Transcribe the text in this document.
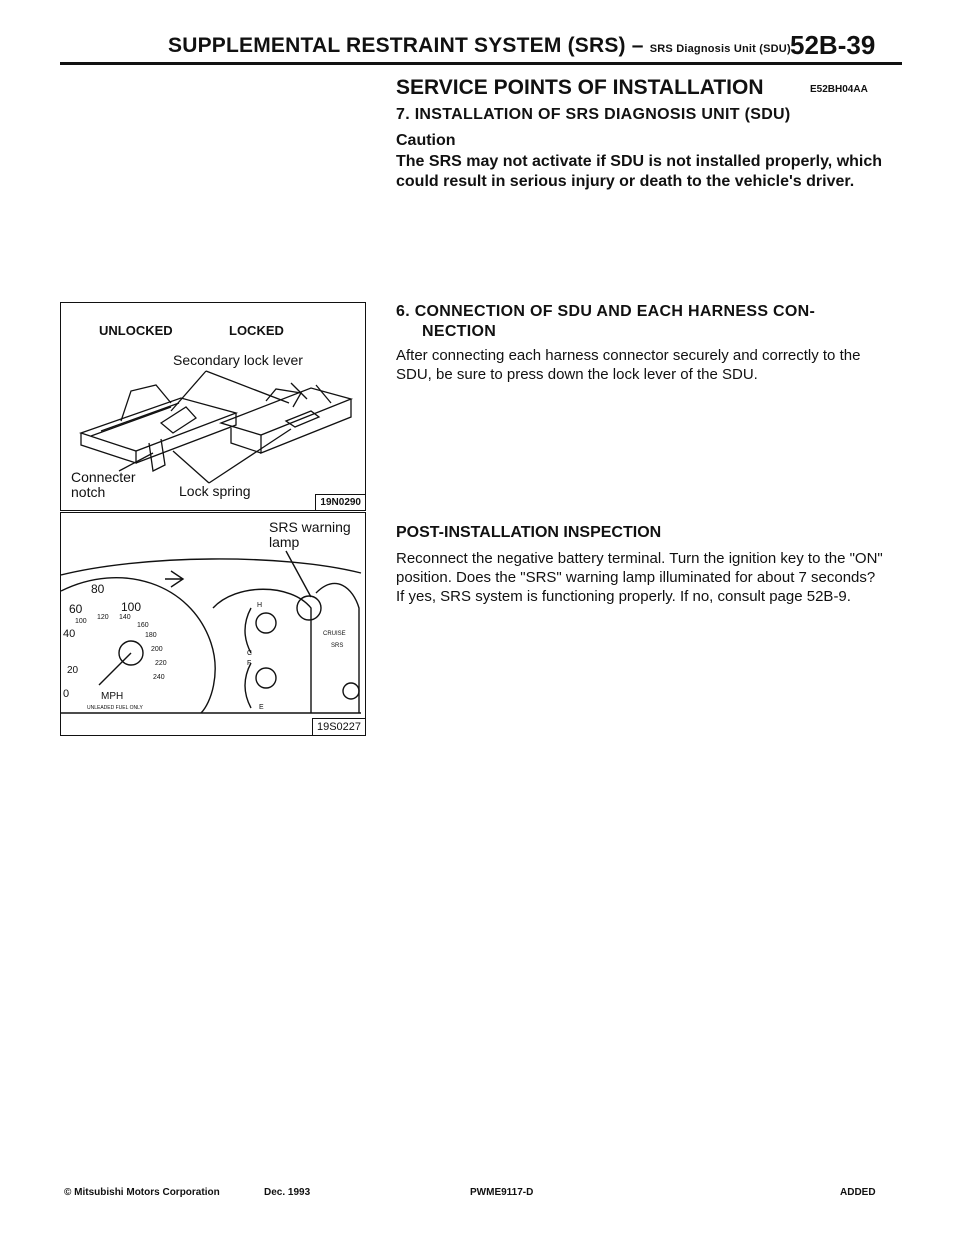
SUPPLEMENTAL RESTRAINT SYSTEM (SRS) – SRS Diagnosis Unit (SDU) 52B-39
SERVICE POINTS OF INSTALLATION	E52BH04AA
7. INSTALLATION OF SRS DIAGNOSIS UNIT (SDU)
Caution
The SRS may not activate if SDU is not installed properly, which could result in serious injury or death to the vehicle's driver.
6. CONNECTION OF SDU AND EACH HARNESS CON-
NECTION
After connecting each harness connector securely and correctly to the SDU, be sure to press down the lock lever of the SDU.
POST-INSTALLATION INSPECTION
Reconnect the negative battery terminal. Turn the ignition key to the "ON" position. Does the "SRS" warning lamp illuminated for about 7 seconds? If yes, SRS system is functioning properly. If no, consult page 52B-9.
UNLOCKED	LOCKED
Secondary lock lever
Connecter
notch	Lock spring
19N0290
60
80
100
40
20
0
100
120 140
160
180
200
220
240
MPH
UNLEADED FUEL ONLY
CRUISE
SRS
H
C
F
E
SRS warning
lamp
19S0227
© Mitsubishi Motors Corporation	Dec. 1993	PWME9117-D	ADDED
